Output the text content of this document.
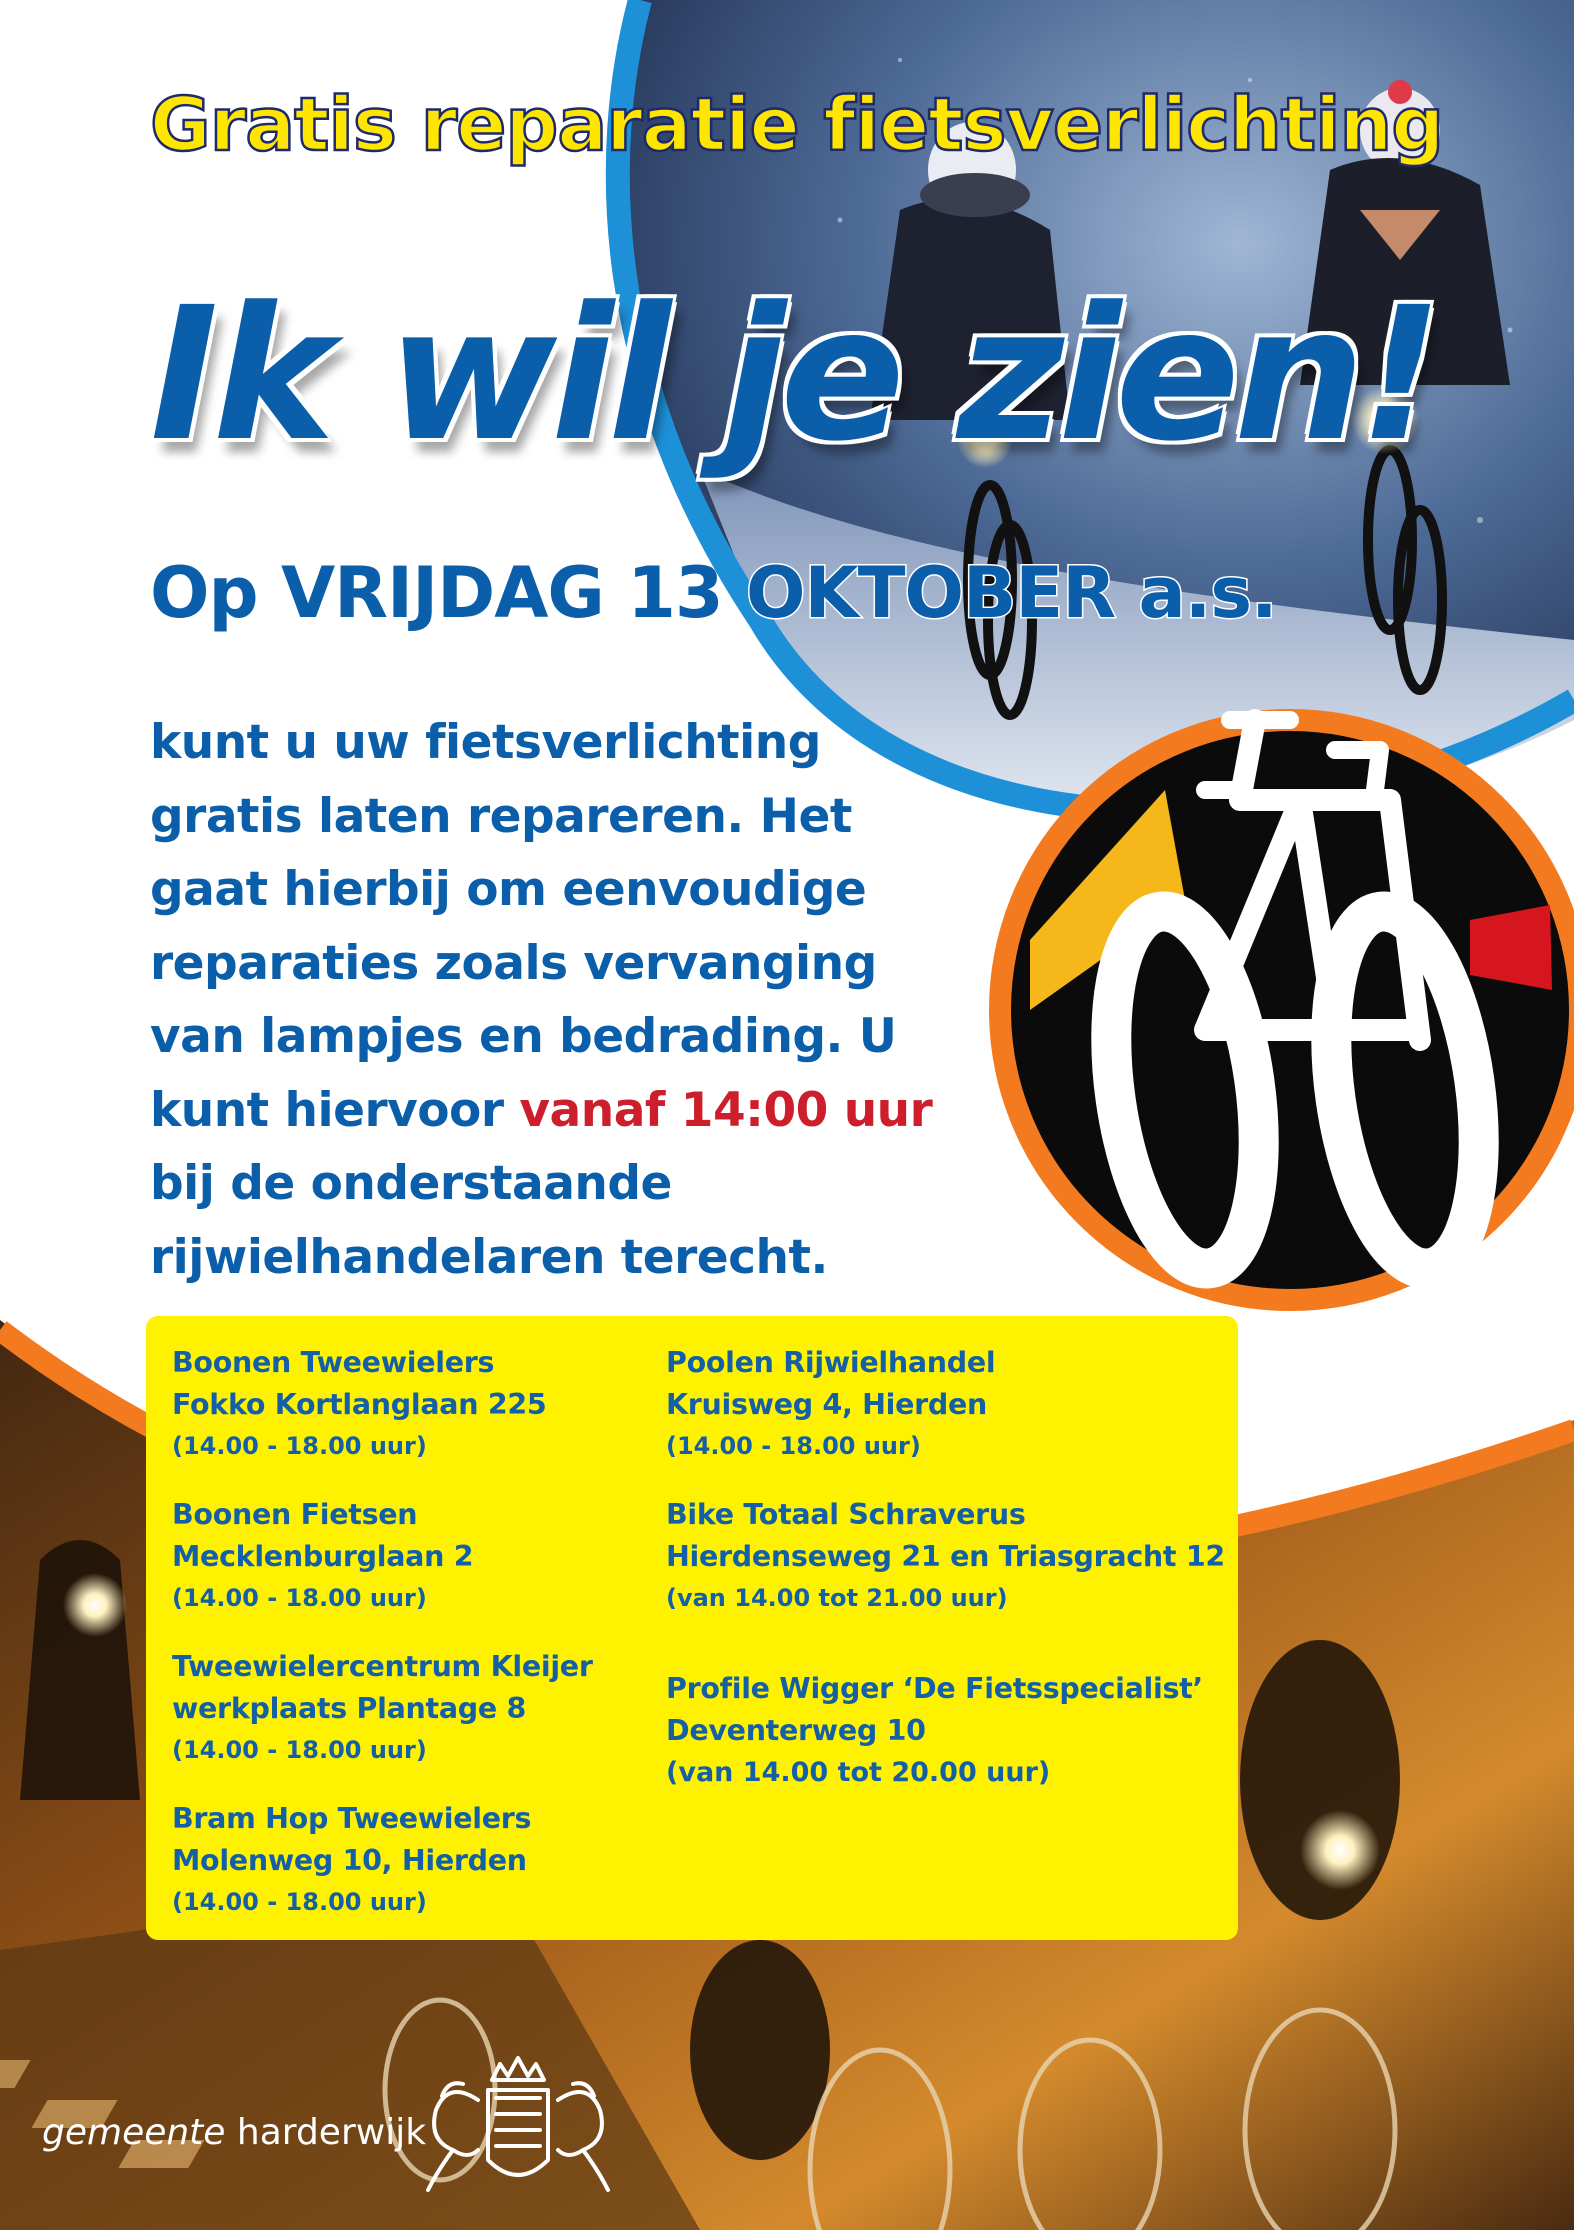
Gratis reparatie fietsverlichting
Ik wil je zien!
Op VRIJDAG 13 OKTOBER a.s.

kunt u uw fietsverlichting gratis laten repareren. Het gaat hierbij om eenvoudige reparaties zoals vervanging van lampjes en bedrading. U kunt hiervoor vanaf 14:00 uur bij de onderstaande rijwielhandelaren terecht.

Boonen Tweewielers
Fokko Kortlanglaan 225
(14.00 - 18.00 uur)
Boonen Fietsen
Mecklenburglaan 2
(14.00 - 18.00 uur)
Tweewielercentrum Kleijer
werkplaats Plantage 8
(14.00 - 18.00 uur)
Bram Hop Tweewielers
Molenweg 10, Hierden
(14.00 - 18.00 uur)
Poolen Rijwielhandel
Kruisweg 4, Hierden
(14.00 - 18.00 uur)
Bike Totaal Schraverus
Hierdenseweg 21 en Triasgracht 12
(van 14.00 tot 21.00 uur)
Profile Wigger ‘De Fietsspecialist’
Deventerweg 10
(van 14.00 tot 20.00 uur)
gemeente harderwijk
